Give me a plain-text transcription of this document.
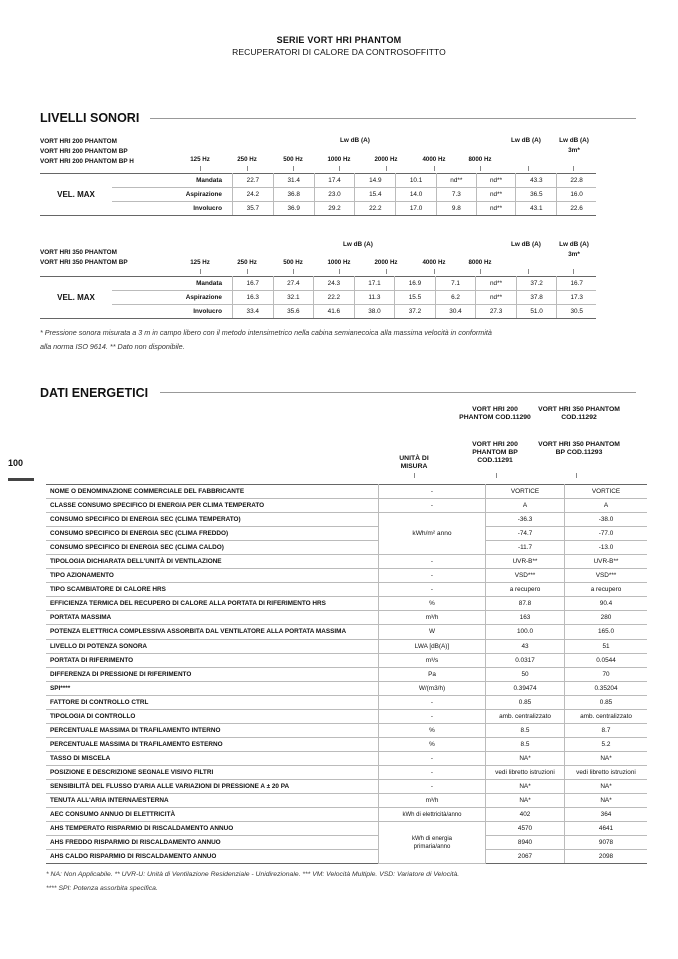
SERIE VORT HRI PHANTOM
RECUPERATORI DI CALORE DA CONTROSOFFITTO
100
LIVELLI SONORI
VORT HRI 200 PHANTOM
VORT HRI 200 PHANTOM BP
VORT HRI 200 PHANTOM BP H
Lw dB (A)	Lw dB (A)	Lw dB (A) 3m*
125 Hz	250 Hz	500 Hz	1000 Hz	2000 Hz	4000 Hz	8000 Hz
VEL. MAX	Mandata	22.7	31.4	17.4	14.9	10.1	nd**	nd**	43.3	22.8
	Aspirazione	24.2	36.8	23.0	15.4	14.0	7.3	nd**	36.5	16.0
	Involucro	35.7	36.9	29.2	22.2	17.0	9.8	nd**	43.1	22.6
VORT HRI 350 PHANTOM
VORT HRI 350 PHANTOM BP
Lw dB (A)	Lw dB (A)	Lw dB (A) 3m*
125 Hz	250 Hz	500 Hz	1000 Hz	2000 Hz	4000 Hz	8000 Hz
VEL. MAX	Mandata	16.7	27.4	24.3	17.1	16.9	7.1	nd**	37.2	16.7
	Aspirazione	16.3	32.1	22.2	11.3	15.5	6.2	nd**	37.8	17.3
	Involucro	33.4	35.6	41.6	38.0	37.2	30.4	27.3	51.0	30.5
* Pressione sonora misurata a 3 m in campo libero con il metodo intensimetrico nella cabina semianecoica alla massima velocità in conformità
alla norma ISO 9614. ** Dato non disponibile.
DATI ENERGETICI
VORT HRI 200 PHANTOM COD.11290
VORT HRI 200 PHANTOM BP COD.11291
VORT HRI 350 PHANTOM COD.11292
VORT HRI 350 PHANTOM BP COD.11293
UNITÀ DI MISURA
NOME O DENOMINAZIONE COMMERCIALE DEL FABBRICANTE	-	VORTICE	VORTICE
CLASSE CONSUMO SPECIFICO DI ENERGIA PER CLIMA TEMPERATO	-	A	A
CONSUMO SPECIFICO DI ENERGIA SEC (CLIMA TEMPERATO)	kWh/m² anno	-36.3	-38.0
CONSUMO SPECIFICO DI ENERGIA SEC (CLIMA FREDDO)		-74.7	-77.0
CONSUMO SPECIFICO DI ENERGIA SEC (CLIMA CALDO)		-11.7	-13.0
TIPOLOGIA DICHIARATA DELL'UNITÀ DI VENTILAZIONE	-	UVR-B**	UVR-B**
TIPO AZIONAMENTO	-	VSD***	VSD***
TIPO SCAMBIATORE DI CALORE HRS	-	a recupero	a recupero
EFFICIENZA TERMICA DEL RECUPERO DI CALORE ALLA PORTATA DI RIFERIMENTO HRS	%	87.8	90.4
PORTATA MASSIMA	m³/h	163	280
POTENZA ELETTRICA COMPLESSIVA ASSORBITA DAL VENTILATORE ALLA PORTATA MASSIMA	W	100.0	165.0
LIVELLO DI POTENZA SONORA	LWA [dB(A)]	43	51
PORTATA DI RIFERIMENTO	m³/s	0.0317	0.0544
DIFFERENZA DI PRESSIONE DI RIFERIMENTO	Pa	50	70
SPI****	W/(m3/h)	0.39474	0.35204
FATTORE DI CONTROLLO CTRL	-	0.85	0.85
TIPOLOGIA DI CONTROLLO	-	amb. centralizzato	amb. centralizzato
PERCENTUALE MASSIMA DI TRAFILAMENTO INTERNO	%	8.5	8.7
PERCENTUALE MASSIMA DI TRAFILAMENTO ESTERNO	%	8.5	5.2
TASSO DI MISCELA	-	NA*	NA*
POSIZIONE E DESCRIZIONE SEGNALE VISIVO FILTRI	-	vedi libretto istruzioni	vedi libretto istruzioni
SENSIBILITÀ DEL FLUSSO D'ARIA ALLE VARIAZIONI DI PRESSIONE A ± 20 PA	-	NA*	NA*
TENUTA ALL'ARIA INTERNA/ESTERNA	m³/h	NA*	NA*
AEC CONSUMO ANNUO DI ELETTRICITÀ	kWh di elettricità/anno	402	364
AHS TEMPERATO RISPARMIO DI RISCALDAMENTO ANNUO	kWh di energia primaria/anno	4570	4641
AHS FREDDO RISPARMIO DI RISCALDAMENTO ANNUO		8940	9078
AHS CALDO RISPARMIO DI RISCALDAMENTO ANNUO		2067	2098
* NA: Non Applicabile. ** UVR-U: Unità di Ventilazione Residenziale - Unidirezionale. *** VM: Velocità Multiple. VSD: Variatore di Velocità.
**** SPI: Potenza assorbita specifica.
